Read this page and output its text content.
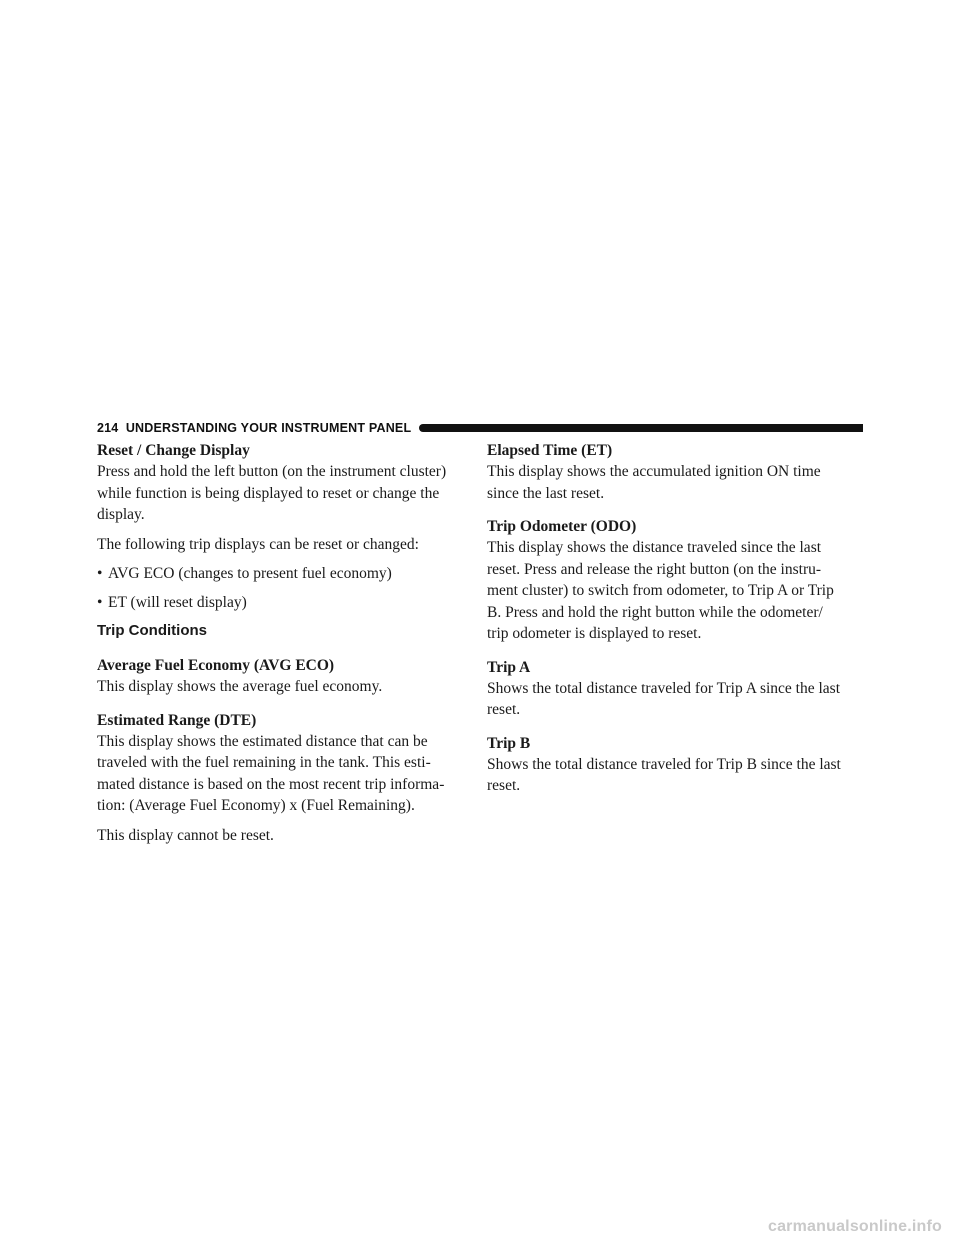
214 UNDERSTANDING YOUR INSTRUMENT PANEL

Reset / Change Display

Press and hold the left button (on the instrument cluster)
while function is being displayed to reset or change the
display.

The following trip displays can be reset or changed:

• AVG ECO (changes to present fuel economy)
• ET (will reset display)

Trip Conditions

Average Fuel Economy (AVG ECO)

This display shows the average fuel economy.

Estimated Range (DTE)

This display shows the estimated distance that can be
traveled with the fuel remaining in the tank. This esti-
mated distance is based on the most recent trip informa-
tion: (Average Fuel Economy) x (Fuel Remaining).

This display cannot be reset.

Elapsed Time (ET)

This display shows the accumulated ignition ON time
since the last reset.

Trip Odometer (ODO)

This display shows the distance traveled since the last
reset. Press and release the right button (on the instru-
ment cluster) to switch from odometer, to Trip A or Trip
B. Press and hold the right button while the odometer/
trip odometer is displayed to reset.

Trip A

Shows the total distance traveled for Trip A since the last
reset.

Trip B

Shows the total distance traveled for Trip B since the last
reset.

carmanualsonline.info
